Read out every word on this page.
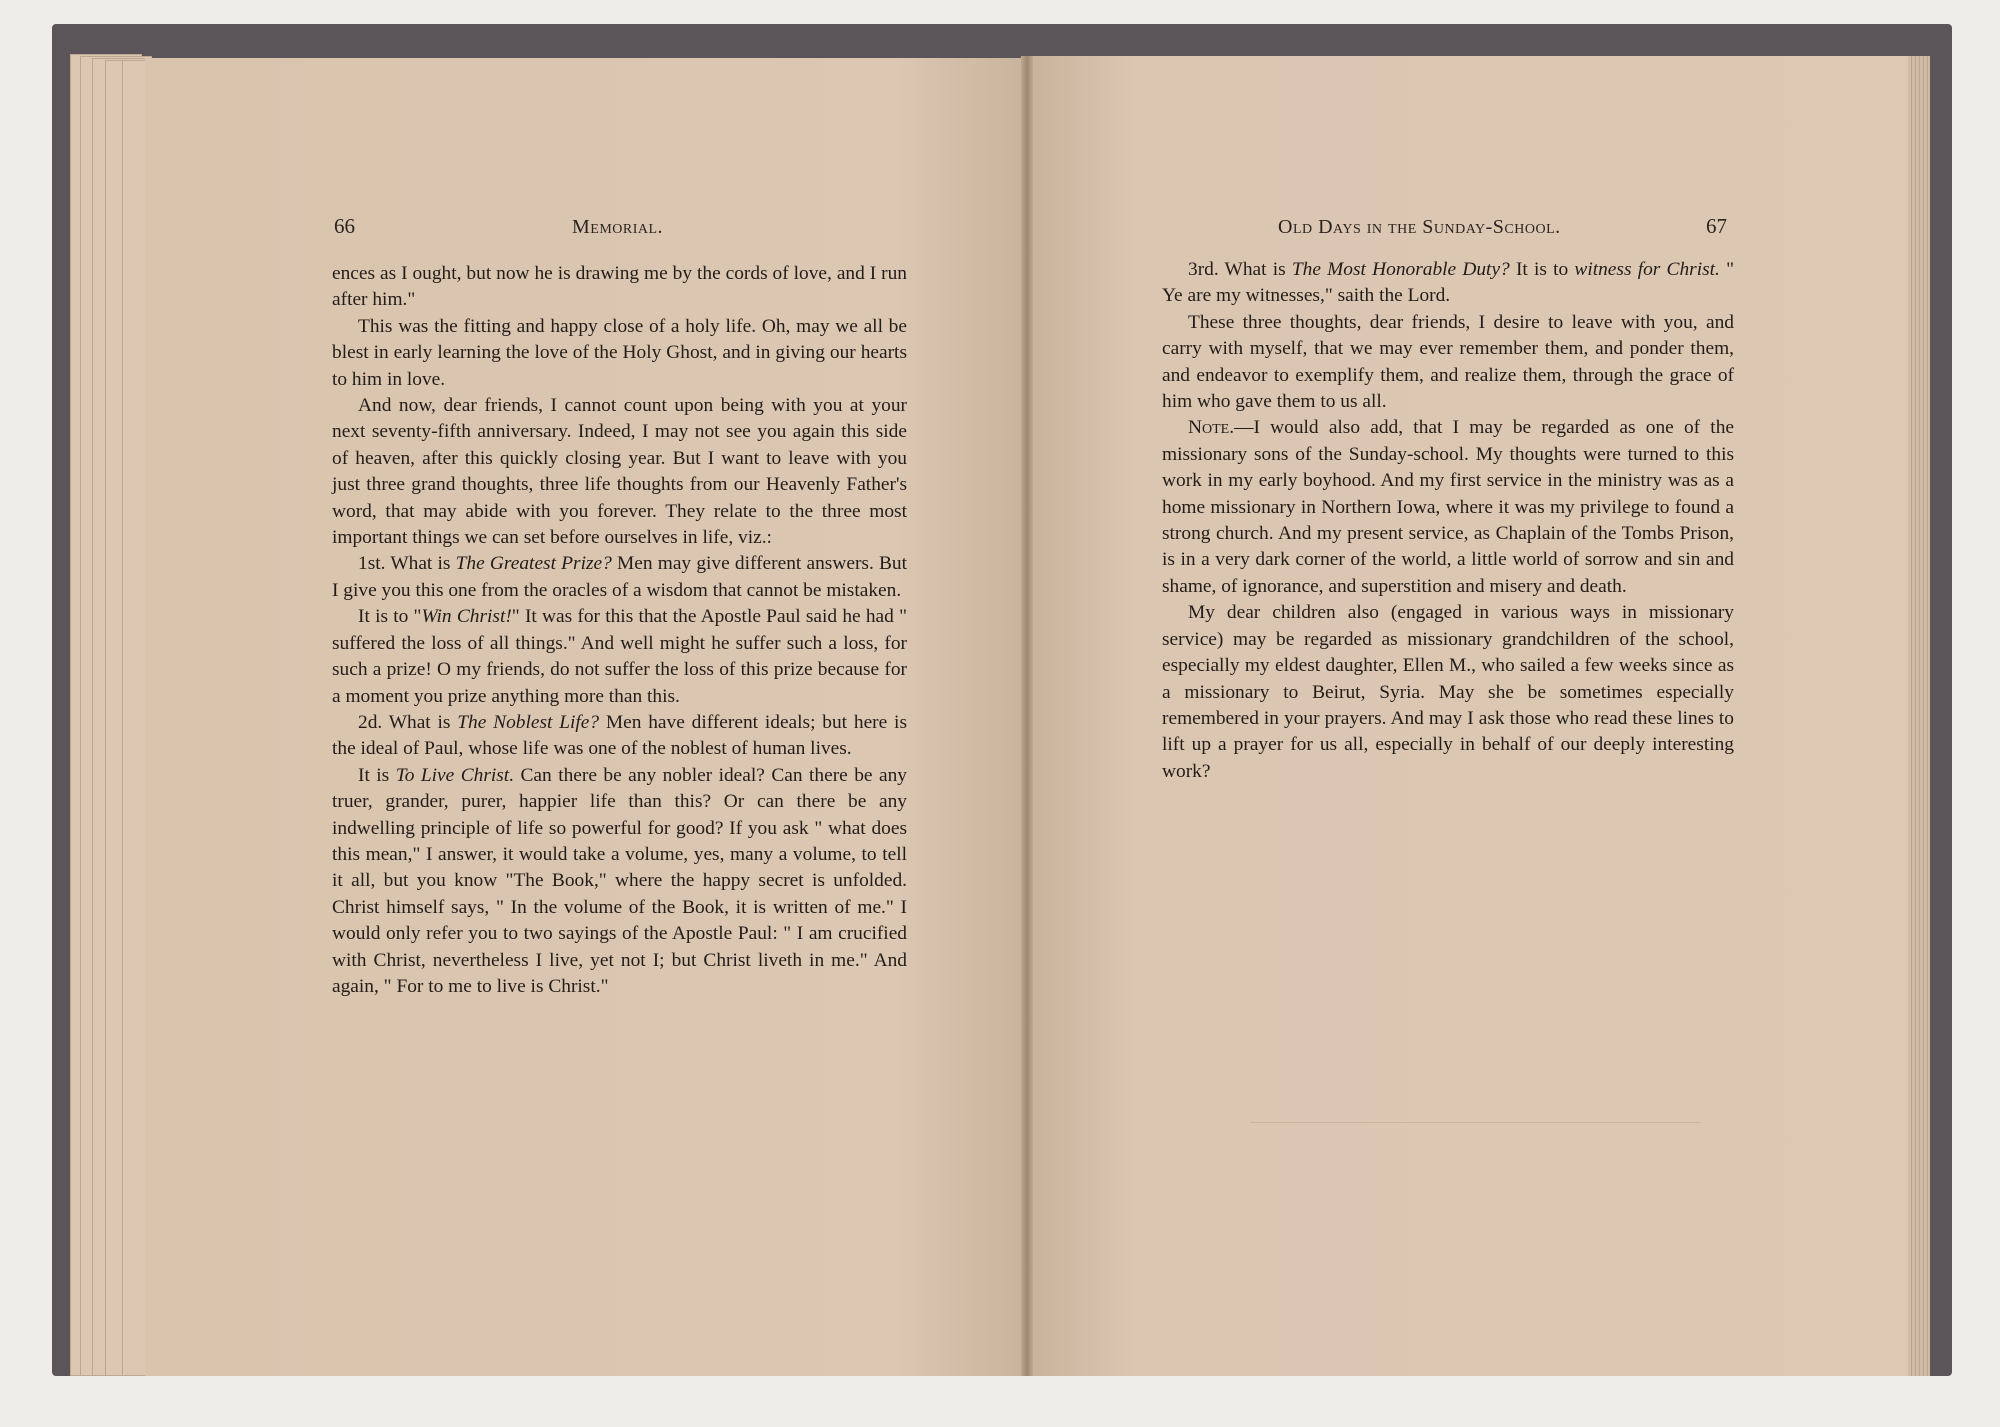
66	Memorial.	Old Days in the Sunday-School.	67

ences as I ought, but now he is drawing me by the cords of love, and I run after him."

This was the fitting and happy close of a holy life. Oh, may we all be blest in early learning the love of the Holy Ghost, and in giving our hearts to him in love.

And now, dear friends, I cannot count upon being with you at your next seventy-fifth anniversary. Indeed, I may not see you again this side of heaven, after this quickly closing year. But I want to leave with you just three grand thoughts, three life thoughts from our Heavenly Father's word, that may abide with you forever. They relate to the three most important things we can set before ourselves in life, viz.:

1st. What is The Greatest Prize? Men may give different answers. But I give you this one from the oracles of a wisdom that cannot be mistaken.

It is to "Win Christ!" It was for this that the Apostle Paul said he had " suffered the loss of all things." And well might he suffer such a loss, for such a prize! O my friends, do not suffer the loss of this prize because for a moment you prize anything more than this.

2d. What is The Noblest Life? Men have different ideals; but here is the ideal of Paul, whose life was one of the noblest of human lives.

It is To Live Christ. Can there be any nobler ideal? Can there be any truer, grander, purer, happier life than this? Or can there be any indwelling principle of life so powerful for good? If you ask " what does this mean," I answer, it would take a volume, yes, many a volume, to tell it all, but you know "The Book," where the happy secret is unfolded. Christ himself says, " In the volume of the Book, it is written of me." I would only refer you to two sayings of the Apostle Paul: " I am crucified with Christ, nevertheless I live, yet not I; but Christ liveth in me." And again, " For to me to live is Christ."

3rd. What is The Most Honorable Duty? It is to witness for Christ. " Ye are my witnesses," saith the Lord.

These three thoughts, dear friends, I desire to leave with you, and carry with myself, that we may ever remember them, and ponder them, and endeavor to exemplify them, and realize them, through the grace of him who gave them to us all.

Note.—I would also add, that I may be regarded as one of the missionary sons of the Sunday-school. My thoughts were turned to this work in my early boyhood. And my first service in the ministry was as a home missionary in Northern Iowa, where it was my privilege to found a strong church. And my present service, as Chaplain of the Tombs Prison, is in a very dark corner of the world, a little world of sorrow and sin and shame, of ignorance, and superstition and misery and death.

My dear children also (engaged in various ways in missionary service) may be regarded as missionary grandchildren of the school, especially my eldest daughter, Ellen M., who sailed a few weeks since as a missionary to Beirut, Syria. May she be sometimes especially remembered in your prayers. And may I ask those who read these lines to lift up a prayer for us all, especially in behalf of our deeply interesting work?
